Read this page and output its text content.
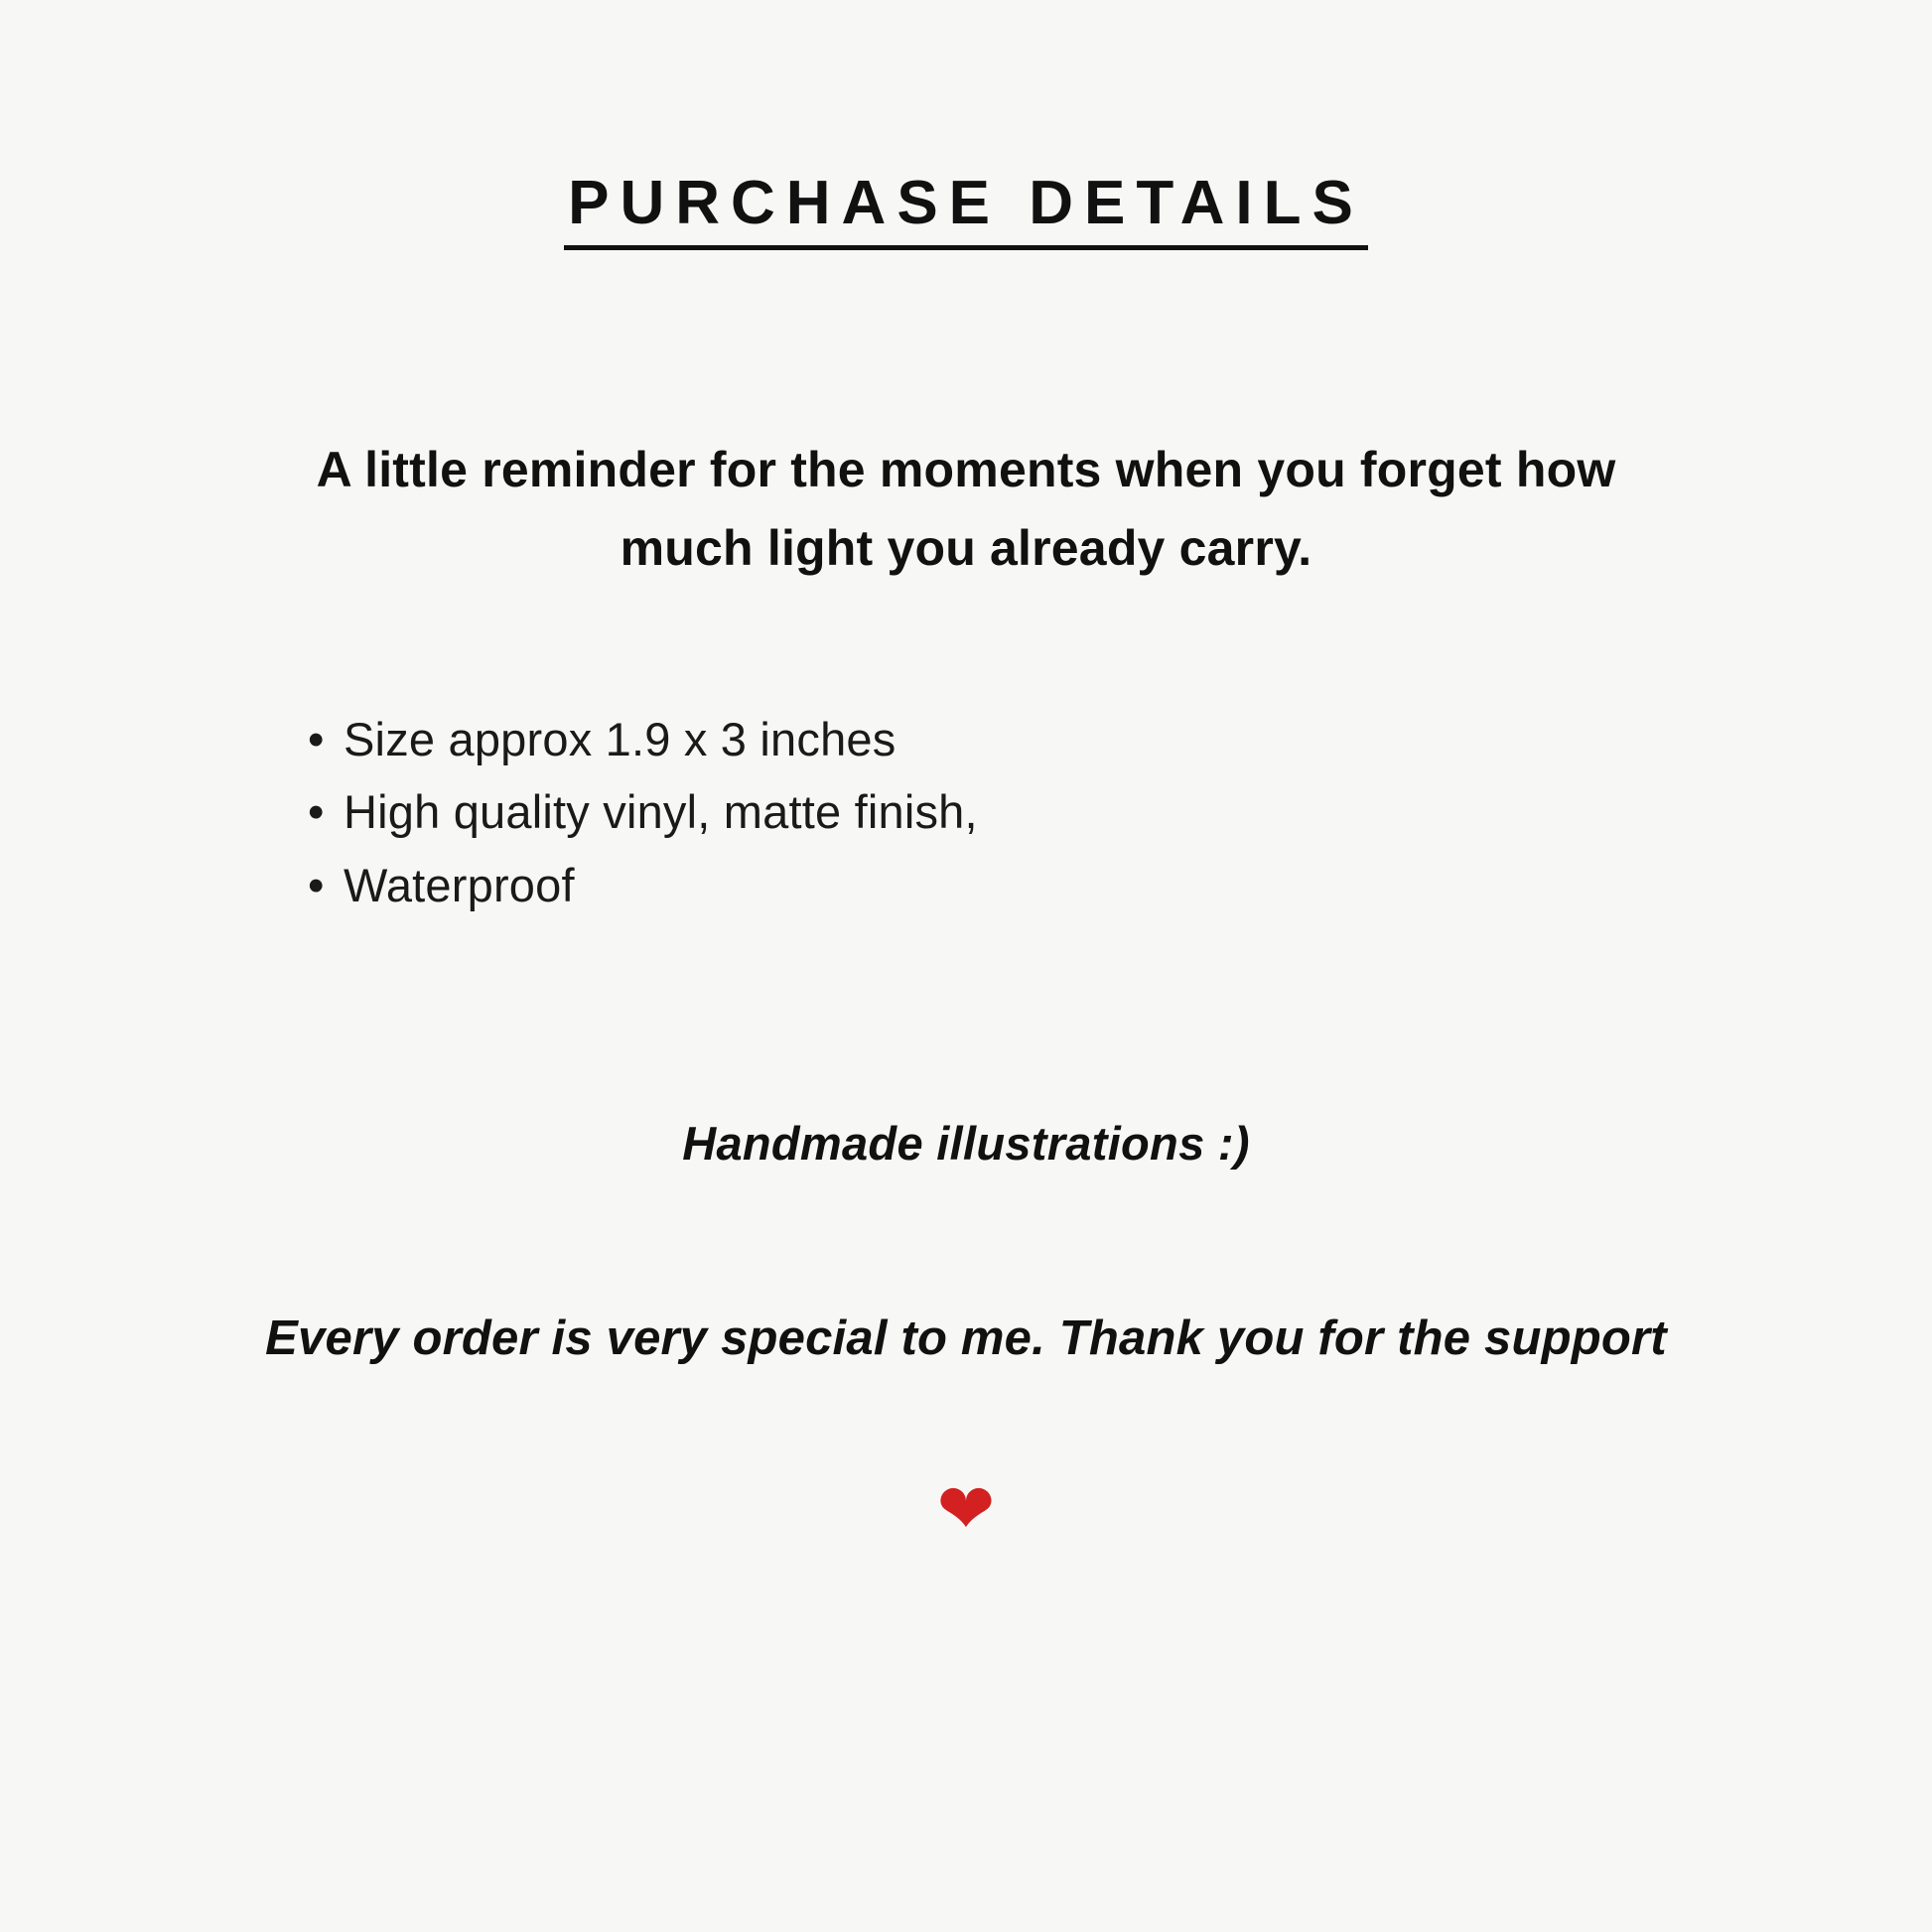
PURCHASE DETAILS
A little reminder for the moments when you forget how much light you already carry.
• Size approx 1.9 x 3 inches
• High quality vinyl, matte finish,
• Waterproof
Handmade illustrations :)
Every order is very special to me. Thank you for the support
❤
